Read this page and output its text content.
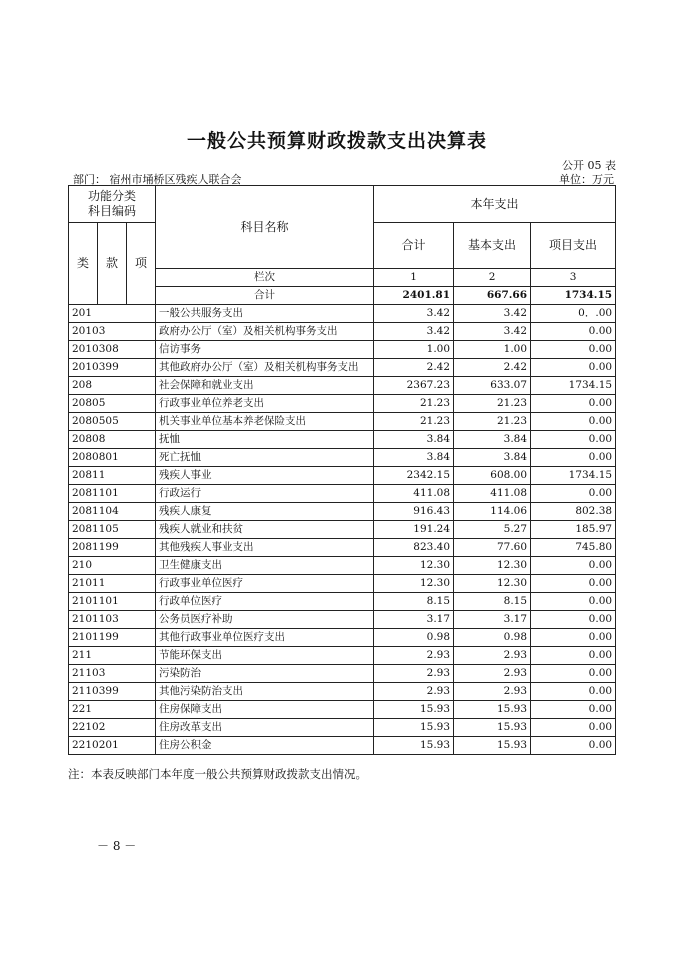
一般公共预算财政拨款支出决算表
公开 05 表
部门： 宿州市埇桥区残疾人联合会	单位：万元
功能分类
科目编码			科目名称	本年支出		
				合计	基本支出	项目支出
类	款	项				
			栏次	1	2	3
			合计	2401.81	667.66	1734.15
201			一般公共服务支出	3.42	3.42	0．.00
20103			政府办公厅（室）及相关机构事务支出	3.42	3.42	0.00
2010308			信访事务	1.00	1.00	0.00
2010399			其他政府办公厅（室）及相关机构事务支出	2.42	2.42	0.00
208			社会保障和就业支出	2367.23	633.07	1734.15
20805			行政事业单位养老支出	21.23	21.23	0.00
2080505			机关事业单位基本养老保险支出	21.23	21.23	0.00
20808			抚恤	3.84	3.84	0.00
2080801			死亡抚恤	3.84	3.84	0.00
20811			残疾人事业	2342.15	608.00	1734.15
2081101			行政运行	411.08	411.08	0.00
2081104			残疾人康复	916.43	114.06	802.38
2081105			残疾人就业和扶贫	191.24	5.27	185.97
2081199			其他残疾人事业支出	823.40	77.60	745.80
210			卫生健康支出	12.30	12.30	0.00
21011			行政事业单位医疗	12.30	12.30	0.00
2101101			行政单位医疗	8.15	8.15	0.00
2101103			公务员医疗补助	3.17	3.17	0.00
2101199			其他行政事业单位医疗支出	0.98	0.98	0.00
211			节能环保支出	2.93	2.93	0.00
21103			污染防治	2.93	2.93	0.00
2110399			其他污染防治支出	2.93	2.93	0.00
221			住房保障支出	15.93	15.93	0.00
22102			住房改革支出	15.93	15.93	0.00
2210201			住房公积金	15.93	15.93	0.00
注：本表反映部门本年度一般公共预算财政拨款支出情况。
－ 8 －
